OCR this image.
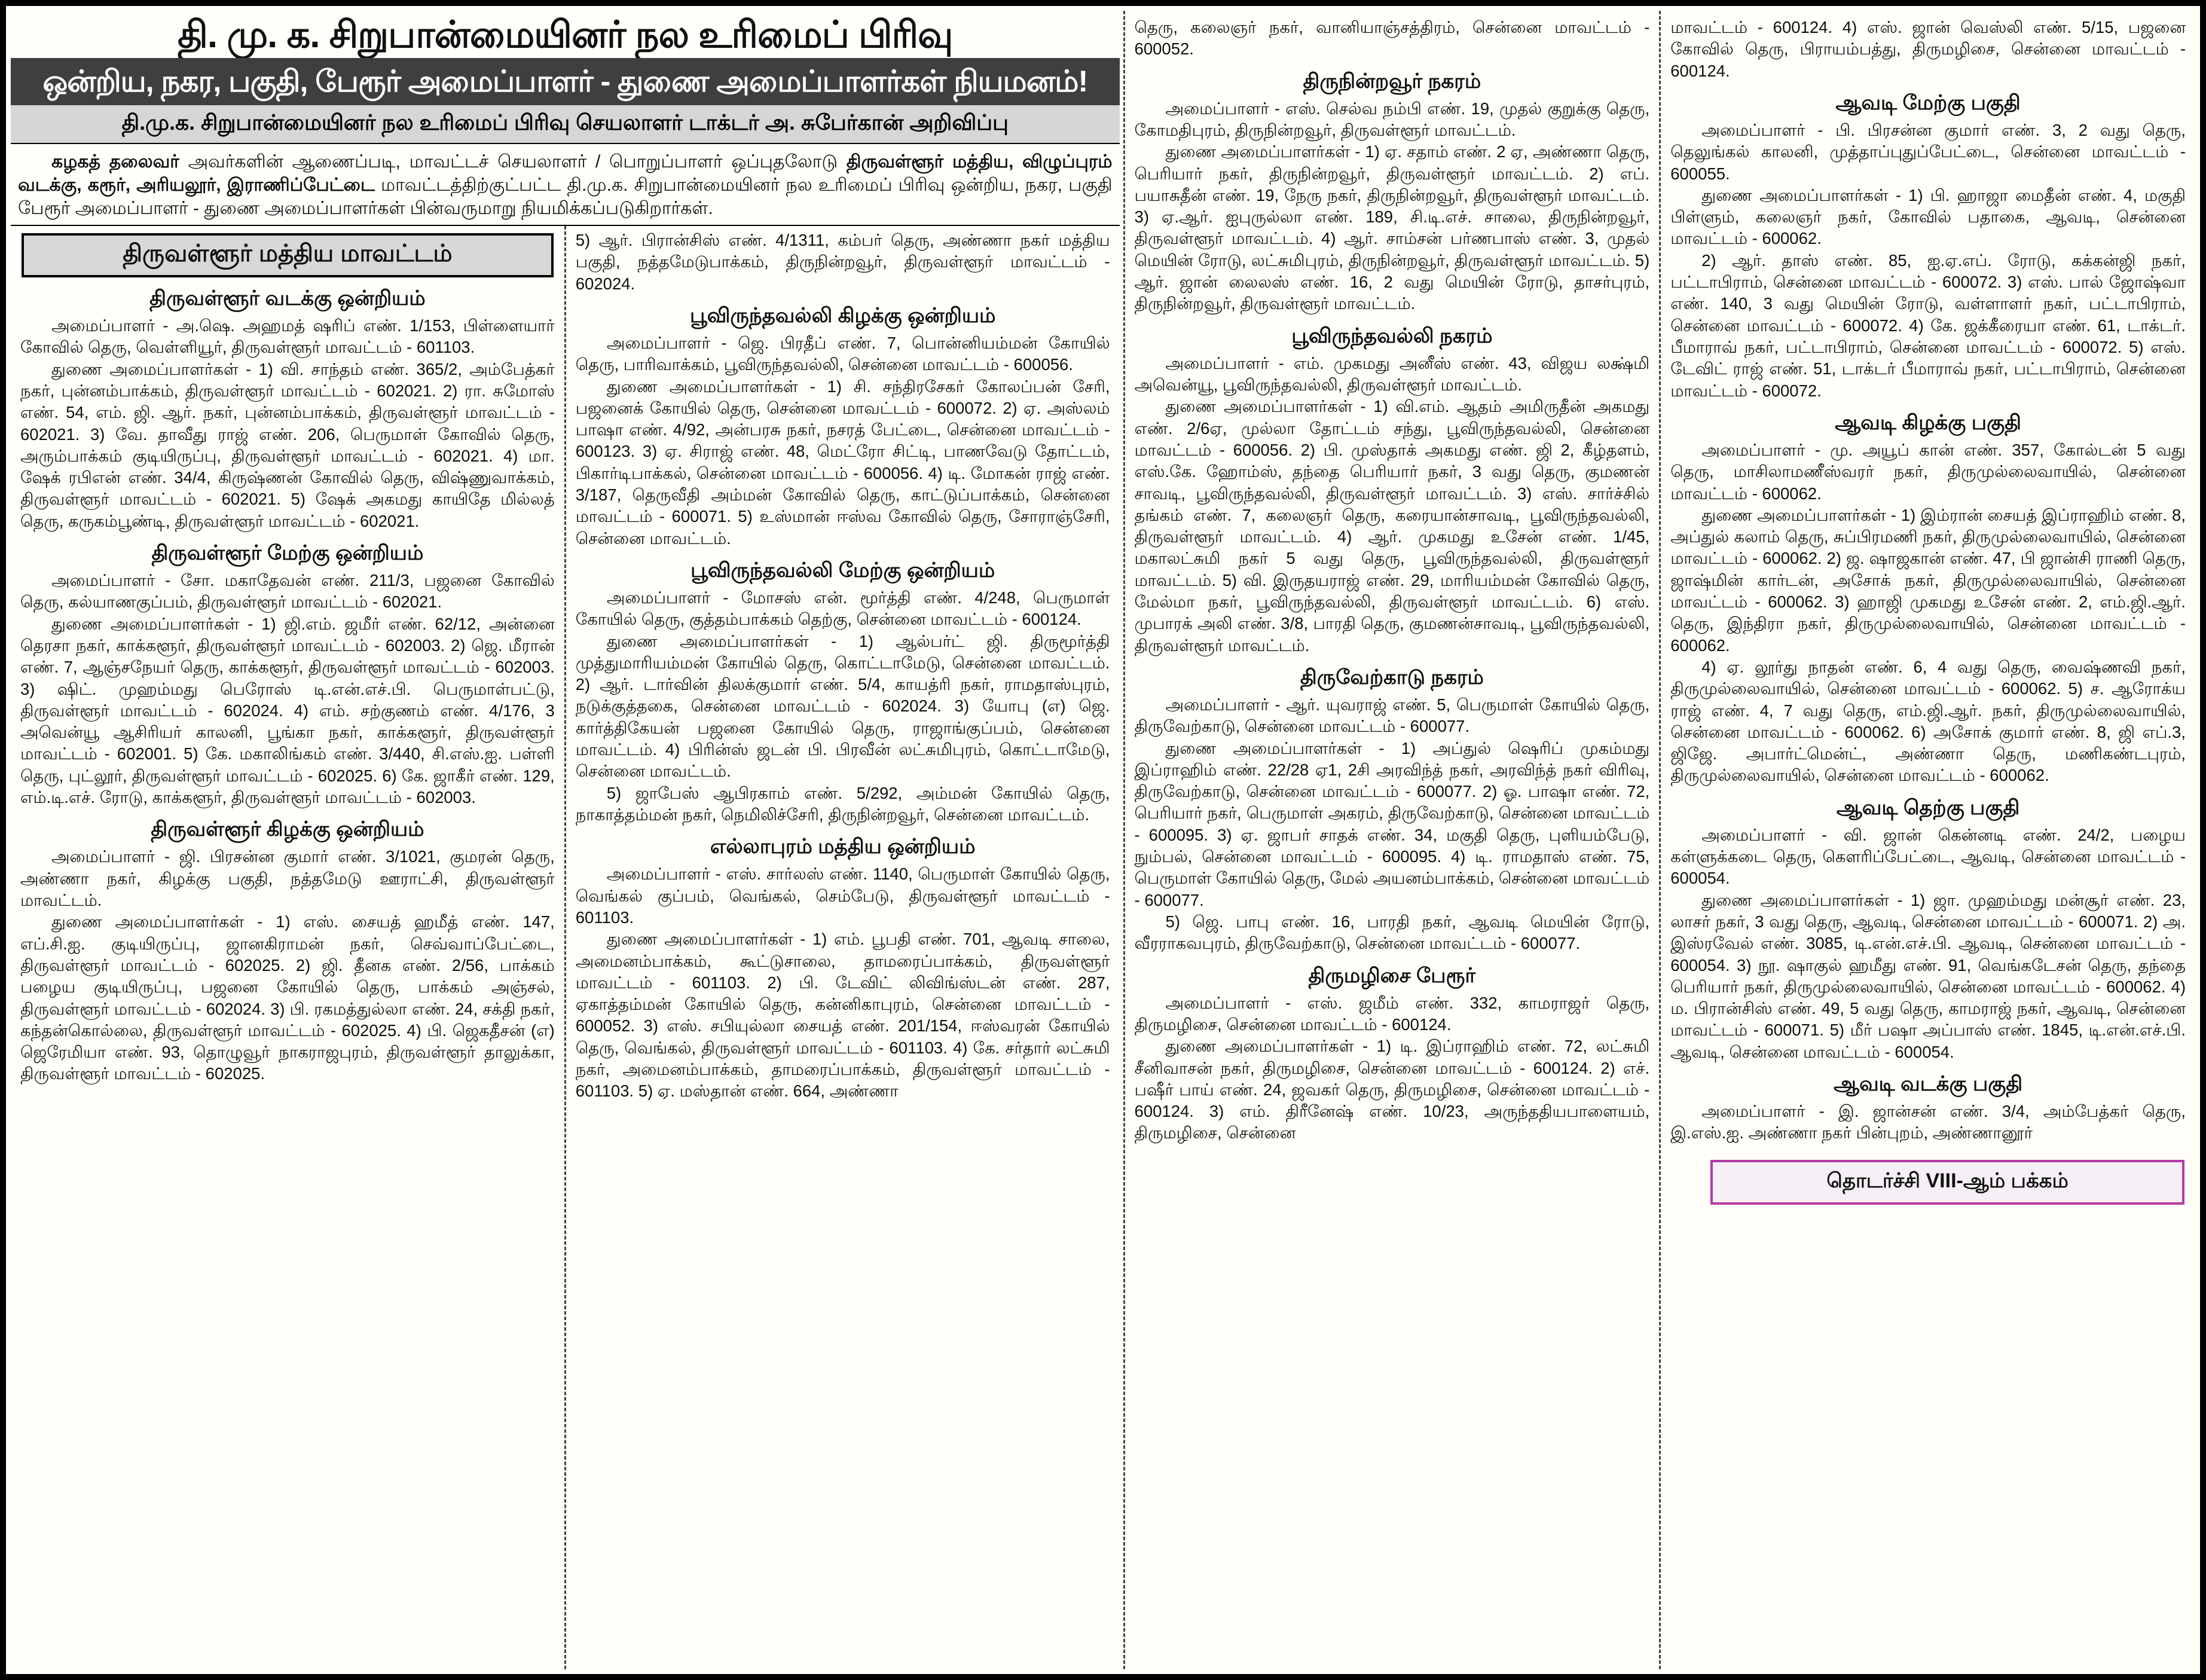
தி. மு. க. சிறுபான்மையினர் நல உரிமைப் பிரிவு
ஒன்றிய, நகர, பகுதி, பேரூர் அமைப்பாளர் - துணை அமைப்பாளர்கள் நியமனம்!
தி.மு.க. சிறுபான்மையினர் நல உரிமைப் பிரிவு செயலாளர் டாக்டர் அ. சுபேர்கான் அறிவிப்பு

கழகத் தலைவர் அவர்களின் ஆணைப்படி, மாவட்டச் செயலாளர் / பொறுப்பாளர் ஒப்புதலோடு திருவள்ளூர் மத்திய, விழுப்புரம் வடக்கு, கரூர், அரியலூர், இராணிப்பேட்டை மாவட்டத்திற்குட்பட்ட தி.மு.க. சிறுபான்மையினர் நல உரிமைப் பிரிவு ஒன்றிய, நகர, பகுதி பேரூர் அமைப்பாளர் - துணை அமைப்பாளர்கள் பின்வருமாறு நியமிக்கப்படுகிறார்கள்.

திருவள்ளூர் மத்திய மாவட்டம்
திருவள்ளூர் வடக்கு ஒன்றியம்

அமைப்பாளர் - அ.ஷெ. அஹமத் ஷரிப் எண். 1/153, பிள்ளையார் கோவில் தெரு, வெள்ளியூர், திருவள்ளூர் மாவட்டம் - 601103.

துணை அமைப்பாளர்கள் - 1) வி. சாந்தம் எண். 365/2, அம்பேத்கர் நகர், புன்னம்பாக்கம், திருவள்ளூர் மாவட்டம் - 602021. 2) ரா. சுமோஸ் எண். 54, எம். ஜி. ஆர். நகர், புன்னம்பாக்கம், திருவள்ளூர் மாவட்டம் - 602021. 3) வே. தாவீது ராஜ் எண். 206, பெருமாள் கோவில் தெரு, அரும்பாக்கம் குடியிருப்பு, திருவள்ளூர் மாவட்டம் - 602021. 4) மா. ஷேக் ரபிஎன் எண். 34/4, கிருஷ்ணன் கோவில் தெரு, விஷ்ணுவாக்கம், திருவள்ளூர் மாவட்டம் - 602021. 5) ஷேக் அகமது காயிதே மில்லத் தெரு, கருகம்பூண்டி, திருவள்ளூர் மாவட்டம் - 602021.

திருவள்ளூர் மேற்கு ஒன்றியம்

அமைப்பாளர் - சோ. மகாதேவன் எண். 211/3, பஜனை கோவில் தெரு, கல்யாணகுப்பம், திருவள்ளூர் மாவட்டம் - 602021.

துணை அமைப்பாளர்கள் - 1) ஜி.எம். ஜமீர் எண். 62/12, அன்னை தெரசா நகர், காக்களூர், திருவள்ளூர் மாவட்டம் - 602003. 2) ஜெ. மீரான் எண். 7, ஆஞ்சநேயர் தெரு, காக்களூர், திருவள்ளூர் மாவட்டம் - 602003. 3) ஷிட். முஹம்மது பெரோஸ் டி.என்.எச்.பி. பெருமாள்பட்டு, திருவள்ளூர் மாவட்டம் - 602024. 4) எம். சற்குணம் எண். 4/176, 3 அவென்யூ ஆசிரியர் காலனி, பூங்கா நகர், காக்களூர், திருவள்ளூர் மாவட்டம் - 602001. 5) கே. மகாலிங்கம் எண். 3/440, சி.எஸ்.ஐ. பள்ளி தெரு, புட்லூர், திருவள்ளூர் மாவட்டம் - 602025. 6) கே. ஜாகீர் எண். 129, எம்.டி.எச். ரோடு, காக்களூர், திருவள்ளூர் மாவட்டம் - 602003.

திருவள்ளூர் கிழக்கு ஒன்றியம்

அமைப்பாளர் - ஜி. பிரசன்ன குமார் எண். 3/1021, குமரன் தெரு, அண்ணா நகர், கிழக்கு பகுதி, நத்தமேடு ஊராட்சி, திருவள்ளூர் மாவட்டம்.

துணை அமைப்பாளர்கள் - 1) எஸ். சையத் ஹமீத் எண். 147, எப்.சி.ஐ. குடியிருப்பு, ஜானகிராமன் நகர், செவ்வாப்பேட்டை, திருவள்ளூர் மாவட்டம் - 602025. 2) ஜி. தீனக எண். 2/56, பாக்கம் பழைய குடியிருப்பு, பஜனை கோயில் தெரு, பாக்கம் அஞ்சல், திருவள்ளூர் மாவட்டம் - 602024. 3) பி. ரகமத்துல்லா எண். 24, சக்தி நகர், கந்தன்கொல்லை, திருவள்ளூர் மாவட்டம் - 602025. 4) பி. ஜெகதீசன் (எ) ஜெரேமியா எண். 93, தொழுவூர் நாகராஜபுரம், திருவள்ளூர் தாலுக்கா, திருவள்ளூர் மாவட்டம் - 602025.

5) ஆர். பிரான்சிஸ் எண். 4/1311, கம்பர் தெரு, அண்ணா நகர் மத்திய பகுதி, நத்தமேடுபாக்கம், திருநின்றவூர், திருவள்ளூர் மாவட்டம் - 602024.

பூவிருந்தவல்லி கிழக்கு ஒன்றியம்

அமைப்பாளர் - ஜெ. பிரதீப் எண். 7, பொன்னியம்மன் கோயில் தெரு, பாரிவாக்கம், பூவிருந்தவல்லி, சென்னை மாவட்டம் - 600056.

துணை அமைப்பாளர்கள் - 1) சி. சந்திரசேகர் கோலப்பன் சேரி, பஜனைக் கோயில் தெரு, சென்னை மாவட்டம் - 600072. 2) ஏ. அஸ்லம் பாஷா எண். 4/92, அன்பரசு நகர், நசரத் பேட்டை, சென்னை மாவட்டம் - 600123. 3) ஏ. சிராஜ் எண். 48, மெட்ரோ சிட்டி, பாணவேடு தோட்டம், பிகார்டிபாக்கல், சென்னை மாவட்டம் - 600056. 4) டி. மோகன் ராஜ் எண். 3/187, தெருவீதி அம்மன் கோவில் தெரு, காட்டுப்பாக்கம், சென்னை மாவட்டம் - 600071. 5) உஸ்மான் ஈஸ்வ கோவில் தெரு, சோராஞ்சேரி, சென்னை மாவட்டம்.

பூவிருந்தவல்லி மேற்கு ஒன்றியம்

அமைப்பாளர் - மோசஸ் என். மூர்த்தி எண். 4/248, பெருமாள் கோயில் தெரு, குத்தம்பாக்கம் தெற்கு, சென்னை மாவட்டம் - 600124.

துணை அமைப்பாளர்கள் - 1) ஆல்பர்ட் ஜி. திருமூர்த்தி முத்துமாரியம்மன் கோயில் தெரு, கொட்டாமேடு, சென்னை மாவட்டம். 2) ஆர். டார்வின் திலக்குமார் எண். 5/4, காயத்ரி நகர், ராமதாஸ்புரம், நடுக்குத்தகை, சென்னை மாவட்டம் - 602024. 3) யோபு (எ) ஜெ. கார்த்திகேயன் பஜனை கோயில் தெரு, ராஜாங்குப்பம், சென்னை மாவட்டம். 4) பிரின்ஸ் ஜடன் பி. பிரவீன் லட்சுமிபுரம், கொட்டாமேடு, சென்னை மாவட்டம்.

5) ஜாபேஸ் ஆபிரகாம் எண். 5/292, அம்மன் கோயில் தெரு, நாகாத்தம்மன் நகர், நெமிலிச்சேரி, திருநின்றவூர், சென்னை மாவட்டம்.

எல்லாபுரம் மத்திய ஒன்றியம்

அமைப்பாளர் - எஸ். சார்லஸ் எண். 1140, பெருமாள் கோயில் தெரு, வெங்கல் குப்பம், வெங்கல், செம்பேடு, திருவள்ளூர் மாவட்டம் - 601103.

துணை அமைப்பாளர்கள் - 1) எம். பூபதி எண். 701, ஆவடி சாலை, அமைனம்பாக்கம், கூட்டுசாலை, தாமரைப்பாக்கம், திருவள்ளூர் மாவட்டம் - 601103. 2) பி. டேவிட் லிவிங்ஸ்டன் எண். 287, ஏகாத்தம்மன் கோயில் தெரு, கன்னிகாபுரம், சென்னை மாவட்டம் - 600052. 3) எஸ். சபியுல்லா சையத் எண். 201/154, ஈஸ்வரன் கோயில் தெரு, வெங்கல், திருவள்ளூர் மாவட்டம் - 601103. 4) கே. சர்தார் லட்சுமி நகர், அமைனம்பாக்கம், தாமரைப்பாக்கம், திருவள்ளூர் மாவட்டம் - 601103. 5) ஏ. மஸ்தான் எண். 664, அண்ணா

தெரு, கலைஞர் நகர், வானியாஞ்சத்திரம், சென்னை மாவட்டம் - 600052.

திருநின்றவூர் நகரம்

அமைப்பாளர் - எஸ். செல்வ நம்பி எண். 19, முதல் குறுக்கு தெரு, கோமதிபுரம், திருநின்றவூர், திருவள்ளூர் மாவட்டம்.

துணை அமைப்பாளர்கள் - 1) ஏ. சதாம் எண். 2 ஏ, அண்ணா தெரு, பெரியார் நகர், திருநின்றவூர், திருவள்ளூர் மாவட்டம். 2) எப். பயாசுதீன் எண். 19, நேரு நகர், திருநின்றவூர், திருவள்ளூர் மாவட்டம். 3) ஏ.ஆர். ஐபுருல்லா எண். 189, சி.டி.எச். சாலை, திருநின்றவூர், திருவள்ளூர் மாவட்டம். 4) ஆர். சாம்சன் பர்ணபாஸ் எண். 3, முதல் மெயின் ரோடு, லட்சுமிபுரம், திருநின்றவூர், திருவள்ளூர் மாவட்டம். 5) ஆர். ஜான் லைலஸ் எண். 16, 2 வது மெயின் ரோடு, தாசர்புரம், திருநின்றவூர், திருவள்ளூர் மாவட்டம்.

பூவிருந்தவல்லி நகரம்

அமைப்பாளர் - எம். முகமது அனீஸ் எண். 43, விஜய லக்ஷ்மி அவென்யூ, பூவிருந்தவல்லி, திருவள்ளூர் மாவட்டம்.

துணை அமைப்பாளர்கள் - 1) வி.எம். ஆதம் அமிருதீன் அகமது எண். 2/6ஏ, முல்லா தோட்டம் சந்து, பூவிருந்தவல்லி, சென்னை மாவட்டம் - 600056. 2) பி. முஸ்தாக் அகமது எண். ஜி 2, கீழ்தளம், எஸ்.கே. ஹோம்ஸ், தந்தை பெரியார் நகர், 3 வது தெரு, குமணன் சாவடி, பூவிருந்தவல்லி, திருவள்ளூர் மாவட்டம். 3) எஸ். சார்ச்சில் தங்கம் எண். 7, கலைஞர் தெரு, கரையான்சாவடி, பூவிருந்தவல்லி, திருவள்ளூர் மாவட்டம். 4) ஆர். முகமது உசேன் எண். 1/45, மகாலட்சுமி நகர் 5 வது தெரு, பூவிருந்தவல்லி, திருவள்ளூர் மாவட்டம். 5) வி. இருதயராஜ் எண். 29, மாரியம்மன் கோவில் தெரு, மேல்மா நகர், பூவிருந்தவல்லி, திருவள்ளூர் மாவட்டம். 6) எஸ். முபாரக் அலி எண். 3/8, பாரதி தெரு, குமணன்சாவடி, பூவிருந்தவல்லி, திருவள்ளூர் மாவட்டம்.

திருவேற்காடு நகரம்

அமைப்பாளர் - ஆர். யுவராஜ் எண். 5, பெருமாள் கோயில் தெரு, திருவேற்காடு, சென்னை மாவட்டம் - 600077.

துணை அமைப்பாளர்கள் - 1) அப்துல் ஷெரிப் முகம்மது இப்ராஹிம் எண். 22/28 ஏ1, 2சி அரவிந்த் நகர், அரவிந்த் நகர் விரிவு, திருவேற்காடு, சென்னை மாவட்டம் - 600077. 2) ஓ. பாஷா எண். 72, பெரியார் நகர், பெருமாள் அகரம், திருவேற்காடு, சென்னை மாவட்டம் - 600095. 3) ஏ. ஜாபர் சாதக் எண். 34, மகுதி தெரு, புளியம்பேடு, நும்பல், சென்னை மாவட்டம் - 600095. 4) டி. ராமதாஸ் எண். 75, பெருமாள் கோயில் தெரு, மேல் அயனம்பாக்கம், சென்னை மாவட்டம் - 600077.

5) ஜெ. பாபு எண். 16, பாரதி நகர், ஆவடி மெயின் ரோடு, வீரராகவபுரம், திருவேற்காடு, சென்னை மாவட்டம் - 600077.

திருமழிசை பேரூர்

அமைப்பாளர் - எஸ். ஜமீம் எண். 332, காமராஜர் தெரு, திருமழிசை, சென்னை மாவட்டம் - 600124.

துணை அமைப்பாளர்கள் - 1) டி. இப்ராஹிம் எண். 72, லட்சுமி சீனிவாசன் நகர், திருமழிசை, சென்னை மாவட்டம் - 600124. 2) எச். பஷீர் பாய் எண். 24, ஜவகர் தெரு, திருமழிசை, சென்னை மாவட்டம் - 600124. 3) எம். திரீனேஷ் எண். 10/23, அருந்ததியபாளையம், திருமழிசை, சென்னை

மாவட்டம் - 600124. 4) எஸ். ஜான் வெஸ்லி எண். 5/15, பஜனை கோவில் தெரு, பிராயம்பத்து, திருமழிசை, சென்னை மாவட்டம் - 600124.

ஆவடி மேற்கு பகுதி

அமைப்பாளர் - பி. பிரசன்ன குமார் எண். 3, 2 வது தெரு, தெலுங்கல் காலனி, முத்தாப்புதுப்பேட்டை, சென்னை மாவட்டம் - 600055.

துணை அமைப்பாளர்கள் - 1) பி. ஹாஜா மைதீன் எண். 4, மகுதி பிள்ளும், கலைஞர் நகர், கோவில் பதாகை, ஆவடி, சென்னை மாவட்டம் - 600062.

2) ஆர். தாஸ் எண். 85, ஐ.ஏ.எப். ரோடு, கக்கன்ஜி நகர், பட்டாபிராம், சென்னை மாவட்டம் - 600072. 3) எஸ். பால் ஜோஷ்வா எண். 140, 3 வது மெயின் ரோடு, வள்ளாளர் நகர், பட்டாபிராம், சென்னை மாவட்டம் - 600072. 4) கே. ஜக்கீரையா எண். 61, டாக்டர். பீமாராவ் நகர், பட்டாபிராம், சென்னை மாவட்டம் - 600072. 5) எஸ். டேவிட் ராஜ் எண். 51, டாக்டர் பீமாராவ் நகர், பட்டாபிராம், சென்னை மாவட்டம் - 600072.

ஆவடி கிழக்கு பகுதி

அமைப்பாளர் - மு. அயூப் கான் எண். 357, கோல்டன் 5 வது தெரு, மாசிலாமணீஸ்வரர் நகர், திருமுல்லைவாயில், சென்னை மாவட்டம் - 600062.

துணை அமைப்பாளர்கள் - 1) இம்ரான் சையத் இப்ராஹிம் எண். 8, அப்துல் கலாம் தெரு, சுப்பிரமணி நகர், திருமுல்லைவாயில், சென்னை மாவட்டம் - 600062. 2) ஜ. ஷாஜகான் எண். 47, பி ஜான்சி ராணி தெரு, ஜாஷ்மின் கார்டன், அசோக் நகர், திருமுல்லைவாயில், சென்னை மாவட்டம் - 600062. 3) ஹாஜி முகமது உசேன் எண். 2, எம்.ஜி.ஆர். தெரு, இந்திரா நகர், திருமுல்லைவாயில், சென்னை மாவட்டம் - 600062.

4) ஏ. லூர்து நாதன் எண். 6, 4 வது தெரு, வைஷ்ணவி நகர், திருமுல்லைவாயில், சென்னை மாவட்டம் - 600062. 5) ச. ஆரோக்ய ராஜ் எண். 4, 7 வது தெரு, எம்.ஜி.ஆர். நகர், திருமுல்லைவாயில், சென்னை மாவட்டம் - 600062. 6) அசோக் குமார் எண். 8, ஜி எப்.3, ஜிஜே. அபார்ட்மென்ட், அண்ணா தெரு, மணிகண்டபுரம், திருமுல்லைவாயில், சென்னை மாவட்டம் - 600062.

ஆவடி தெற்கு பகுதி

அமைப்பாளர் - வி. ஜான் கென்னடி எண். 24/2, பழைய கள்ளுக்கடை தெரு, கௌரிப்பேட்டை, ஆவடி, சென்னை மாவட்டம் - 600054.

துணை அமைப்பாளர்கள் - 1) ஜா. முஹம்மது மன்சூர் எண். 23, லாசர் நகர், 3 வது தெரு, ஆவடி, சென்னை மாவட்டம் - 600071. 2) அ. இஸ்ரவேல் எண். 3085, டி.என்.எச்.பி. ஆவடி, சென்னை மாவட்டம் - 600054. 3) நூ. ஷாகுல் ஹமீது எண். 91, வெங்கடேசன் தெரு, தந்தை பெரியார் நகர், திருமுல்லைவாயில், சென்னை மாவட்டம் - 600062. 4) ம. பிரான்சிஸ் எண். 49, 5 வது தெரு, காமராஜ் நகர், ஆவடி, சென்னை மாவட்டம் - 600071. 5) மீர் பஷா அப்பாஸ் எண். 1845, டி.என்.எச்.பி. ஆவடி, சென்னை மாவட்டம் - 600054.

ஆவடி வடக்கு பகுதி

அமைப்பாளர் - இ. ஜான்சன் எண். 3/4, அம்பேத்கர் தெரு, இ.எஸ்.ஐ. அண்ணா நகர் பின்புறம், அண்ணானூர்

தொடர்ச்சி VIII-ஆம் பக்கம்
